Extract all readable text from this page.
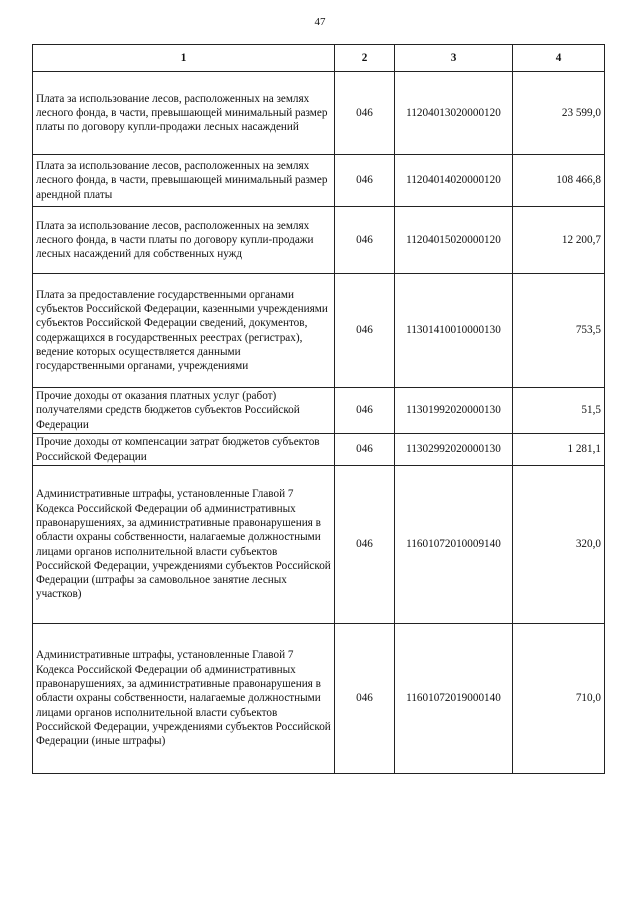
47
1	2	3	4
Плата за использование лесов, расположенных на землях лесного фонда, в части, превышающей минимальный размер платы по договору купли-продажи лесных насаждений	046	11204013020000120	23 599,0
Плата за использование лесов, расположенных на землях лесного фонда, в части, превышающей минимальный размер арендной платы	046	11204014020000120	108 466,8
Плата за использование лесов, расположенных на землях лесного фонда, в части платы по договору купли-продажи лесных насаждений для собственных нужд	046	11204015020000120	12 200,7
Плата за предоставление государственными органами субъектов Российской Федерации, казенными учреждениями субъектов Российской Федерации сведений, документов, содержащихся в государственных реестрах (регистрах), ведение которых осуществляется данными государственными органами, учреждениями	046	11301410010000130	753,5
Прочие доходы от оказания платных услуг (работ) получателями средств бюджетов субъектов Российской Федерации	046	11301992020000130	51,5
Прочие доходы от компенсации затрат бюджетов субъектов Российской Федерации	046	11302992020000130	1 281,1
Административные штрафы, установленные Главой 7 Кодекса Российской Федерации об административных правонарушениях, за административные правонарушения в области охраны собственности, налагаемые должностными лицами органов исполнительной власти субъектов Российской Федерации, учреждениями субъектов Российской Федерации (штрафы за самовольное занятие лесных участков)	046	11601072010009140	320,0
Административные штрафы, установленные Главой 7 Кодекса Российской Федерации об административных правонарушениях, за административные правонарушения в области охраны собственности, налагаемые должностными лицами органов исполнительной власти субъектов Российской Федерации, учреждениями субъектов Российской Федерации (иные штрафы)	046	11601072019000140	710,0
